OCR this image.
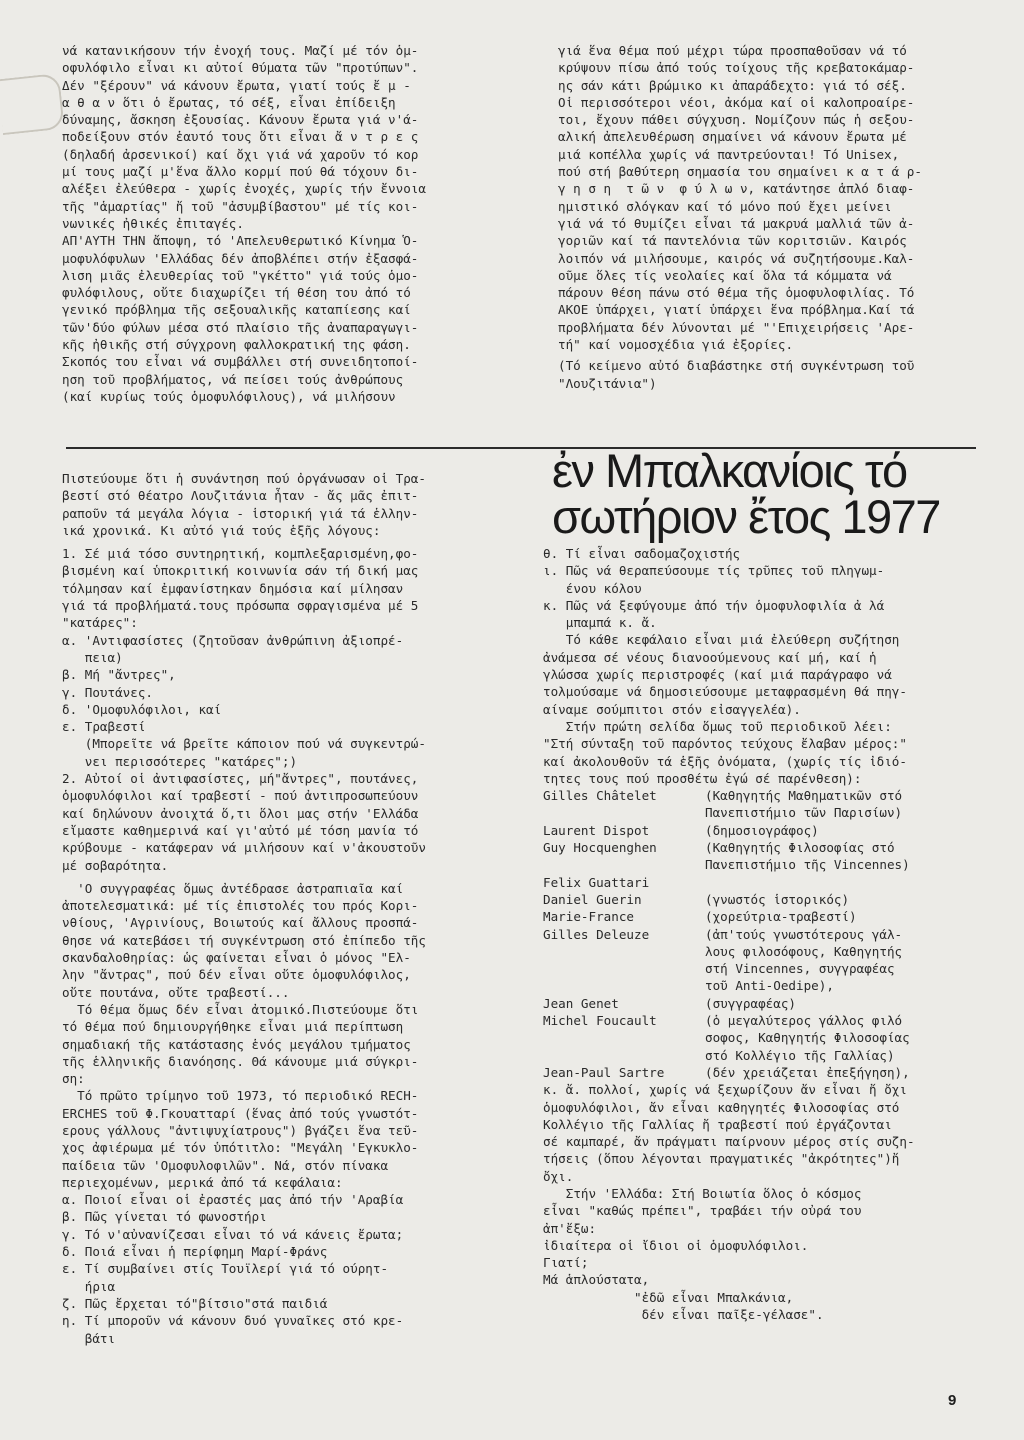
νά κατανικήσουν τήν ἐνοχή τους. Μαζί μέ τόν ὁμ-
οφυλόφιλο εἶναι κι αὐτοί θύματα τῶν "προτύπων".
Δέν "ξέρουν" νά κάνουν ἔρωτα, γιατί τούς ἔ μ -
α θ α ν ὅτι ὁ ἔρωτας, τό σέξ, εἶναι ἐπίδειξη
δύναμης, ἄσκηση ἐξουσίας. Κάνουν ἔρωτα γιά ν'ά-
ποδείξουν στόν ἑαυτό τους ὅτι εἶναι ἄ ν τ ρ ε ς
(δηλαδή ἀρσενικοί) καί ὄχι γιά νά χαροῦν τό κορ
μί τους μαζί μ'ἕνα ἄλλο κορμί πού θά τόχουν δι-
αλέξει ἐλεύθερα - χωρίς ἐνοχές, χωρίς τήν ἔννοια
τῆς "ἁμαρτίας" ἤ τοῦ "ἀσυμβίβαστου" μέ τίς κοι-
νωνικές ἠθικές ἐπιταγές.

ΑΠ'ΑΥΤΗ ΤΗΝ ἄποψη, τό 'Απελευθερωτικό Κίνημα Ὁ-
μοφυλόφυλων 'Ελλάδας δέν ἀποβλέπει στήν ἐξασφά-
λιση μιᾶς ἐλευθερίας τοῦ "γκέττο" γιά τούς ὁμο-
φυλόφιλους, οὔτε διαχωρίζει τή θέση του ἀπό τό
γενικό πρόβλημα τῆς σεξουαλικῆς καταπίεσης καί
τῶν'δύο φύλων μέσα στό πλαίσιο τῆς ἀναπαραγωγι-
κῆς ἠθικῆς στή σύγχρονη φαλλοκρατική της φάση.
Σκοπός του εἶναι νά συμβάλλει στή συνειδητοποί-
ηση τοῦ προβλήματος, νά πείσει τούς ἀνθρώπους
(καί κυρίως τούς ὁμοφυλόφιλους), νά μιλήσουν

γιά ἕνα θέμα πού μέχρι τώρα προσπαθοῦσαν νά τό
κρύψουν πίσω ἀπό τούς τοίχους τῆς κρεβατοκάμαρ-
ης σάν κάτι βρώμικο κι ἀπαράδεχτο: γιά τό σέξ.
Οἱ περισσότεροι νέοι, ἀκόμα καί οἱ καλοπροαίρε-
τοι, ἔχουν πάθει σύγχυση. Νομίζουν πώς ἡ σεξου-
αλική ἀπελευθέρωση σημαίνει νά κάνουν ἔρωτα μέ
μιά κοπέλλα χωρίς νά παντρεύονται! Τό Unisex,
πού στή βαθύτερη σημασία του σημαίνει κ α τ ά ρ-
γ η σ η  τ ῶ ν  φ ύ λ ω ν, κατάντησε ἁπλό διαφ-
ημιστικό σλόγκαν καί τό μόνο πού ἔχει μείνει
γιά νά τό θυμίζει εἶναι τά μακρυά μαλλιά τῶν ἀ-
γοριῶν καί τά παντελόνια τῶν κοριτσιῶν. Καιρός
λοιπόν νά μιλήσουμε, καιρός νά συζητήσουμε.Καλ-
οῦμε ὅλες τίς νεολαίες καί ὅλα τά κόμματα νά
πάρουν θέση πάνω στό θέμα τῆς ὁμοφυλοφιλίας. Τό
ΑΚΟΕ ὑπάρχει, γιατί ὑπάρχει ἕνα πρόβλημα.Καί τά
προβλήματα δέν λύνονται μέ "'Επιχειρήσεις 'Αρε-
τή" καί νομοσχέδια γιά ἐξορίες.

(Τό κείμενο αὐτό διαβάστηκε στή συγκέντρωση τοῦ
"Λουζιτάνια")

ἐν Μπαλκανίοις τό
σωτήριον ἔτος 1977

Πιστεύουμε ὅτι ἡ συνάντηση πού ὀργάνωσαν οἱ Τρα-
βεστί στό θέατρο Λουζιτάνια ἦταν - ἄς μᾶς ἐπιτ-
ραποῦν τά μεγάλα λόγια - ἱστορική γιά τά ἑλλην-
ικά χρονικά. Κι αὐτό γιά τούς ἑξῆς λόγους:

1. Σέ μιά τόσο συντηρητική, κομπλεξαρισμένη,φο-
βισμένη καί ὑποκριτική κοινωνία σάν τή δική μας
τόλμησαν καί ἐμφανίστηκαν δημόσια καί μίλησαν
γιά τά προβλήματά.τους πρόσωπα σφραγισμένα μέ 5
"κατάρες":
α. 'Αντιφασίστες (ζητοῦσαν ἀνθρώπινη ἀξιοπρέ-
πεια)
β. Μή "ἄντρες",
γ. Πουτάνες.
δ. 'Ομοφυλόφιλοι, καί
ε. Τραβεστί
(Μπορεῖτε νά βρεῖτε κάποιον πού νά συγκεντρώ-
νει περισσότερες "κατάρες";)
2. Αὐτοί οἱ ἀντιφασίστες, μή"ἄντρες", πουτάνες,
ὁμοφυλόφιλοι καί τραβεστί - πού ἀντιπροσωπεύουν
καί δηλώνουν ἀνοιχτά ὅ,τι ὅλοι μας στήν 'Ελλάδα
εἴμαστε καθημερινά καί γι'αὐτό μέ τόση μανία τό
κρύβουμε - κατάφεραν νά μιλήσουν καί ν'ἀκουστοῦν
μέ σοβαρότητα.

'Ο συγγραφέας ὅμως ἀντέδρασε ἀστραπιαῖα καί
ἀποτελεσματικά: μέ τίς ἐπιστολές του πρός Κορι-
νθίους, 'Αγρινίους, Βοιωτούς καί ἄλλους προσπά-
θησε νά κατεβάσει τή συγκέντρωση στό ἐπίπεδο τῆς
σκανδαλοθηρίας: ὡς φαίνεται εἶναι ὁ μόνος "Ελ-
λην "ἄντρας", πού δέν εἶναι οὔτε ὁμοφυλόφιλος,
οὔτε πουτάνα, οὔτε τραβεστί...

Τό θέμα ὅμως δέν εἶναι ἀτομικό.Πιστεύουμε ὅτι
τό θέμα πού δημιουργήθηκε εἶναι μιά περίπτωση
σημαδιακή τῆς κατάστασης ἑνός μεγάλου τμήματος
τῆς ἑλληνικῆς διανόησης. Θά κάνουμε μιά σύγκρι-
ση:

Τό πρῶτο τρίμηνο τοῦ 1973, τό περιοδικό RECH-
ERCHES τοῦ Φ.Γκουατταρί (ἕνας ἀπό τούς γνωστότ-
ερους γάλλους "ἀντιψυχίατρους") βγάζει ἕνα τεῦ-
χος ἀφιέρωμα μέ τόν ὑπότιτλο: "Μεγάλη 'Εγκυκλο-
παίδεια τῶν 'Ομοφυλοφιλῶν". Νά, στόν πίνακα
περιεχομένων, μερικά ἀπό τά κεφάλαια:
α. Ποιοί εἶναι οἱ ἐραστές μας ἀπό τήν 'Αραβία
β. Πῶς γίνεται τό φωνοστήρι
γ. Τό ν'αὐνανίζεσαι εἶναι τό νά κάνεις ἔρωτα;
δ. Ποιά εἶναι ἡ περίφημη Μαρί-Φράνς
ε. Τί συμβαίνει στίς Τουϊλερί γιά τό ούρητ-
ήρια
ζ. Πῶς ἔρχεται τό"βίτσιο"στά παιδιά
η. Τί μποροῦν νά κάνουν δυό γυναῖκες στό κρε-
βάτι

θ. Τί εἶναι σαδομαζοχιστής
ι. Πῶς νά θεραπεύσουμε τίς τρῦπες τοῦ πληγωμ-
ένου κόλου
κ. Πῶς νά ξεφύγουμε ἀπό τήν ὁμοφυλοφιλία ἀ λά
μπαμπά κ. ἄ.
Τό κάθε κεφάλαιο εἶναι μιά ἐλεύθερη συζήτηση
ἀνάμεσα σέ νέους διανοούμενους καί μή, καί ἡ
γλώσσα χωρίς περιστροφές (καί μιά παράγραφο νά
τολμούσαμε νά δημοσιεύσουμε μεταφρασμένη θά πηγ-
αίναμε σούμπιτοι στόν εἰσαγγελέα).
Στήν πρώτη σελίδα ὅμως τοῦ περιοδικοῦ λέει:
"Στή σύνταξη τοῦ παρόντος τεύχους ἔλαβαν μέρος:"
καί ἀκολουθοῦν τά ἑξῆς ὀνόματα, (χωρίς τίς ἰδιό-
τητες τους πού προσθέτω ἐγώ σέ παρένθεση):

Gilles Châtelet	(Καθηγητής Μαθηματικῶν στό
Πανεπιστήμιο τῶν Παρισίων)
Laurent Dispot	(δημοσιογράφος)
Guy Hocquenghen	(Καθηγητής Φιλοσοφίας στό
Πανεπιστήμιο τῆς Vincennes)
Felix Guattari
Daniel Guerin	(γνωστός ἱστορικός)
Marie-France	(χορεύτρια-τραβεστί)
Gilles Deleuze	(ἀπ'τούς γνωστότερους γάλ-
λους φιλοσόφους, Καθηγητής
στή Vincennes, συγγραφέας
τοῦ Anti-Oedipe),
Jean Genet	(συγγραφέας)
Michel Foucault	(ὁ μεγαλύτερος γάλλος φιλό
σοφος, Καθηγητής Φιλοσοφίας
στό Κολλέγιο τῆς Γαλλίας)
Jean-Paul Sartre	(δέν χρειάζεται ἐπεξήγηση),

κ. ἄ. πολλοί, χωρίς νά ξεχωρίζουν ἄν εἶναι ἤ ὄχι
ὁμοφυλόφιλοι, ἄν εἶναι καθηγητές Φιλοσοφίας στό
Κολλέγιο τῆς Γαλλίας ἤ τραβεστί πού ἐργάζονται
σέ καμπαρέ, ἄν πράγματι παίρνουν μέρος στίς συζη-
τήσεις (ὅπου λέγονται πραγματικές "ἀκρότητες")ἤ
ὄχι.
Στήν 'Ελλάδα: Στή Βοιωτία ὅλος ὁ κόσμος
εἶναι "καθώς πρέπει", τραβάει τήν οὐρά του
ἀπ'ἔξω:
ἰδιαίτερα οἱ ἴδιοι οἱ ὁμοφυλόφιλοι.
Γιατί;
Μά ἁπλούστατα,
"ἐδῶ εἶναι Μπαλκάνια,
δέν εἶναι παῖξε-γέλασε".

9
